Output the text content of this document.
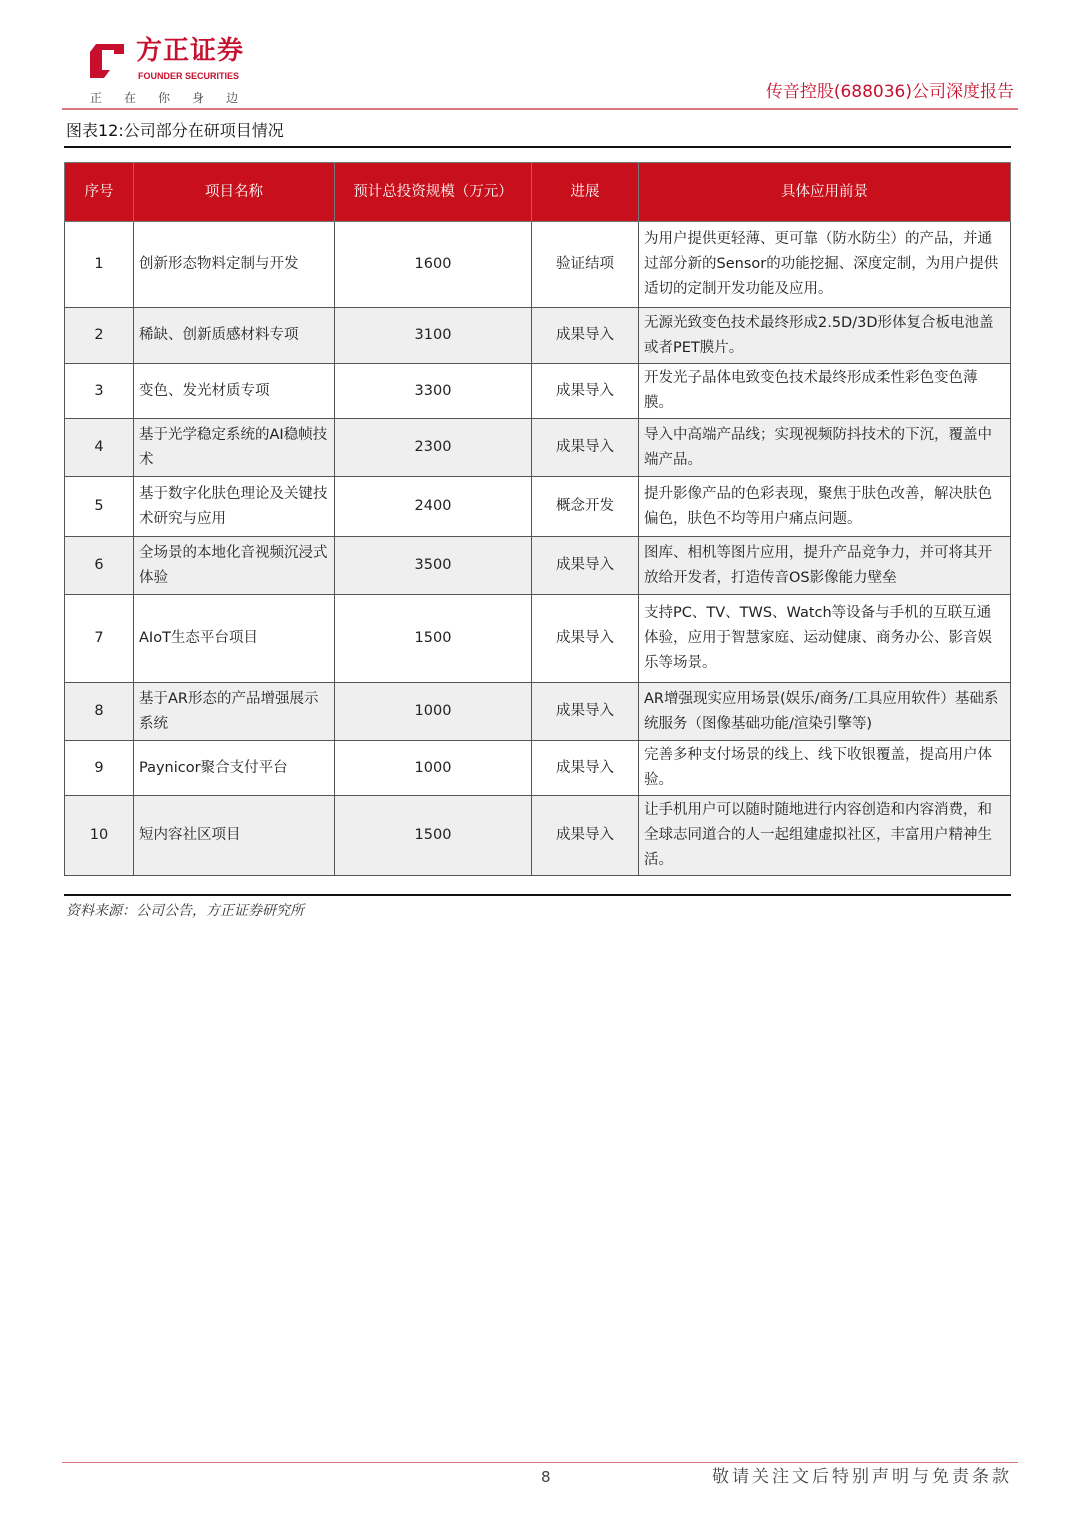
方正证券
FOUNDER SECURITIES
正 在 你 身 边	传音控股(688036)公司深度报告
图表12:公司部分在研项目情况
序号	项目名称	预计总投资规模（万元）	进展	具体应用前景
1	创新形态物料定制与开发	1600	验证结项	为用户提供更轻薄、更可靠（防水防尘）的产品，并通过部分新的Sensor的功能挖掘、深度定制，为用户提供适切的定制开发功能及应用。
2	稀缺、创新质感材料专项	3100	成果导入	无源光致变色技术最终形成2.5D/3D形体复合板电池盖或者PET膜片。
3	变色、发光材质专项	3300	成果导入	开发光子晶体电致变色技术最终形成柔性彩色变色薄膜。
4	基于光学稳定系统的AI稳帧技术	2300	成果导入	导入中高端产品线；实现视频防抖技术的下沉，覆盖中端产品。
5	基于数字化肤色理论及关键技术研究与应用	2400	概念开发	提升影像产品的色彩表现，聚焦于肤色改善，解决肤色偏色，肤色不均等用户痛点问题。
6	全场景的本地化音视频沉浸式体验	3500	成果导入	图库、相机等图片应用，提升产品竞争力，并可将其开放给开发者，打造传音OS影像能力壁垒
7	AIoT生态平台项目	1500	成果导入	支持PC、TV、TWS、Watch等设备与手机的互联互通体验，应用于智慧家庭、运动健康、商务办公、影音娱乐等场景。
8	基于AR形态的产品增强展示系统	1000	成果导入	AR增强现实应用场景(娱乐/商务/工具应用软件）基础系统服务（图像基础功能/渲染引擎等)
9	Paynicor聚合支付平台	1000	成果导入	完善多种支付场景的线上、线下收银覆盖，提高用户体验。
10	短内容社区项目	1500	成果导入	让手机用户可以随时随地进行内容创造和内容消费，和全球志同道合的人一起组建虚拟社区，丰富用户精神生活。
资料来源：公司公告，方正证券研究所
8	敬请关注文后特别声明与免责条款
